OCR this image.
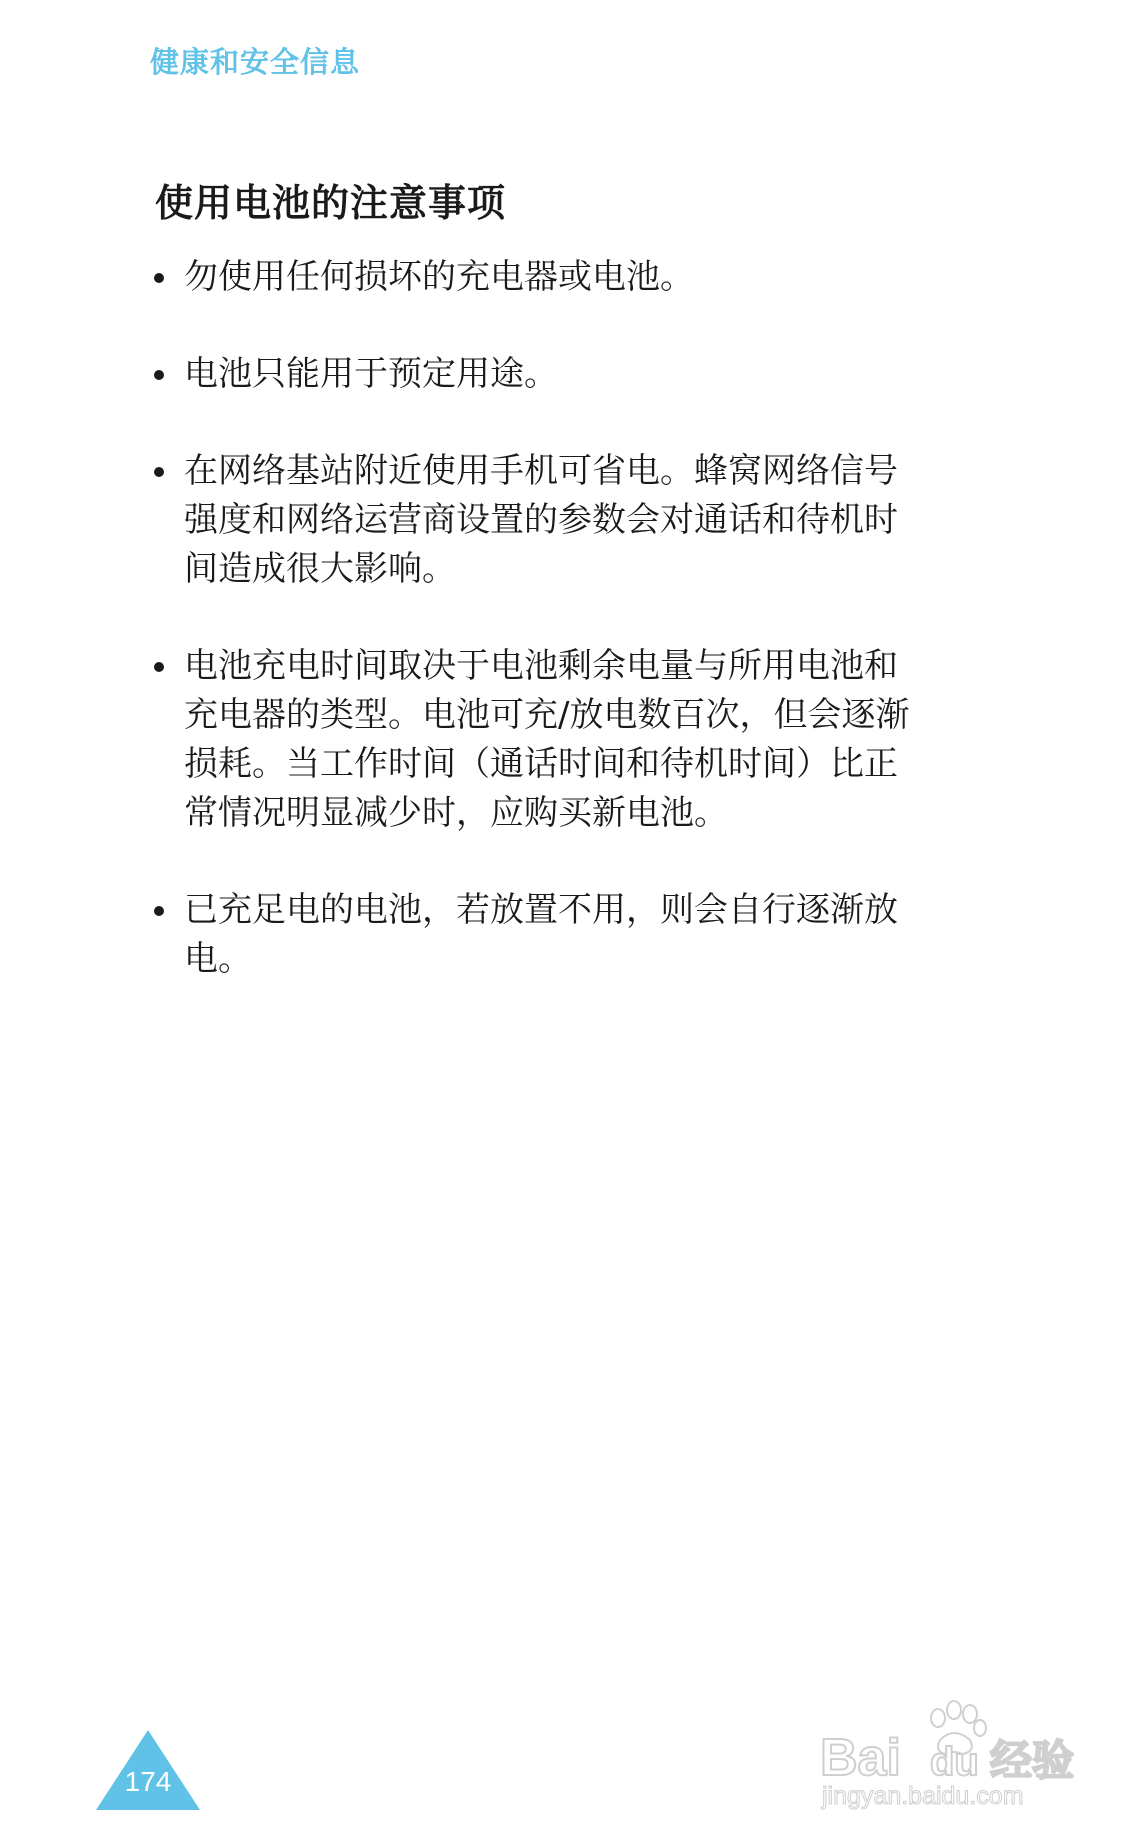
健康和安全信息
使用电池的注意事项
勿使用任何损坏的充电器或电池。
电池只能用于预定用途。
在网络基站附近使用手机可省电。蜂窝网络信号强度和网络运营商设置的参数会对通话和待机时间造成很大影响。
电池充电时间取决于电池剩余电量与所用电池和充电器的类型。电池可充/放电数百次，但会逐渐损耗。当工作时间（通话时间和待机时间）比正常情况明显减少时，应购买新电池。
已充足电的电池，若放置不用，则会自行逐渐放电。
174	Bai du 经验
jingyan.baidu.com
